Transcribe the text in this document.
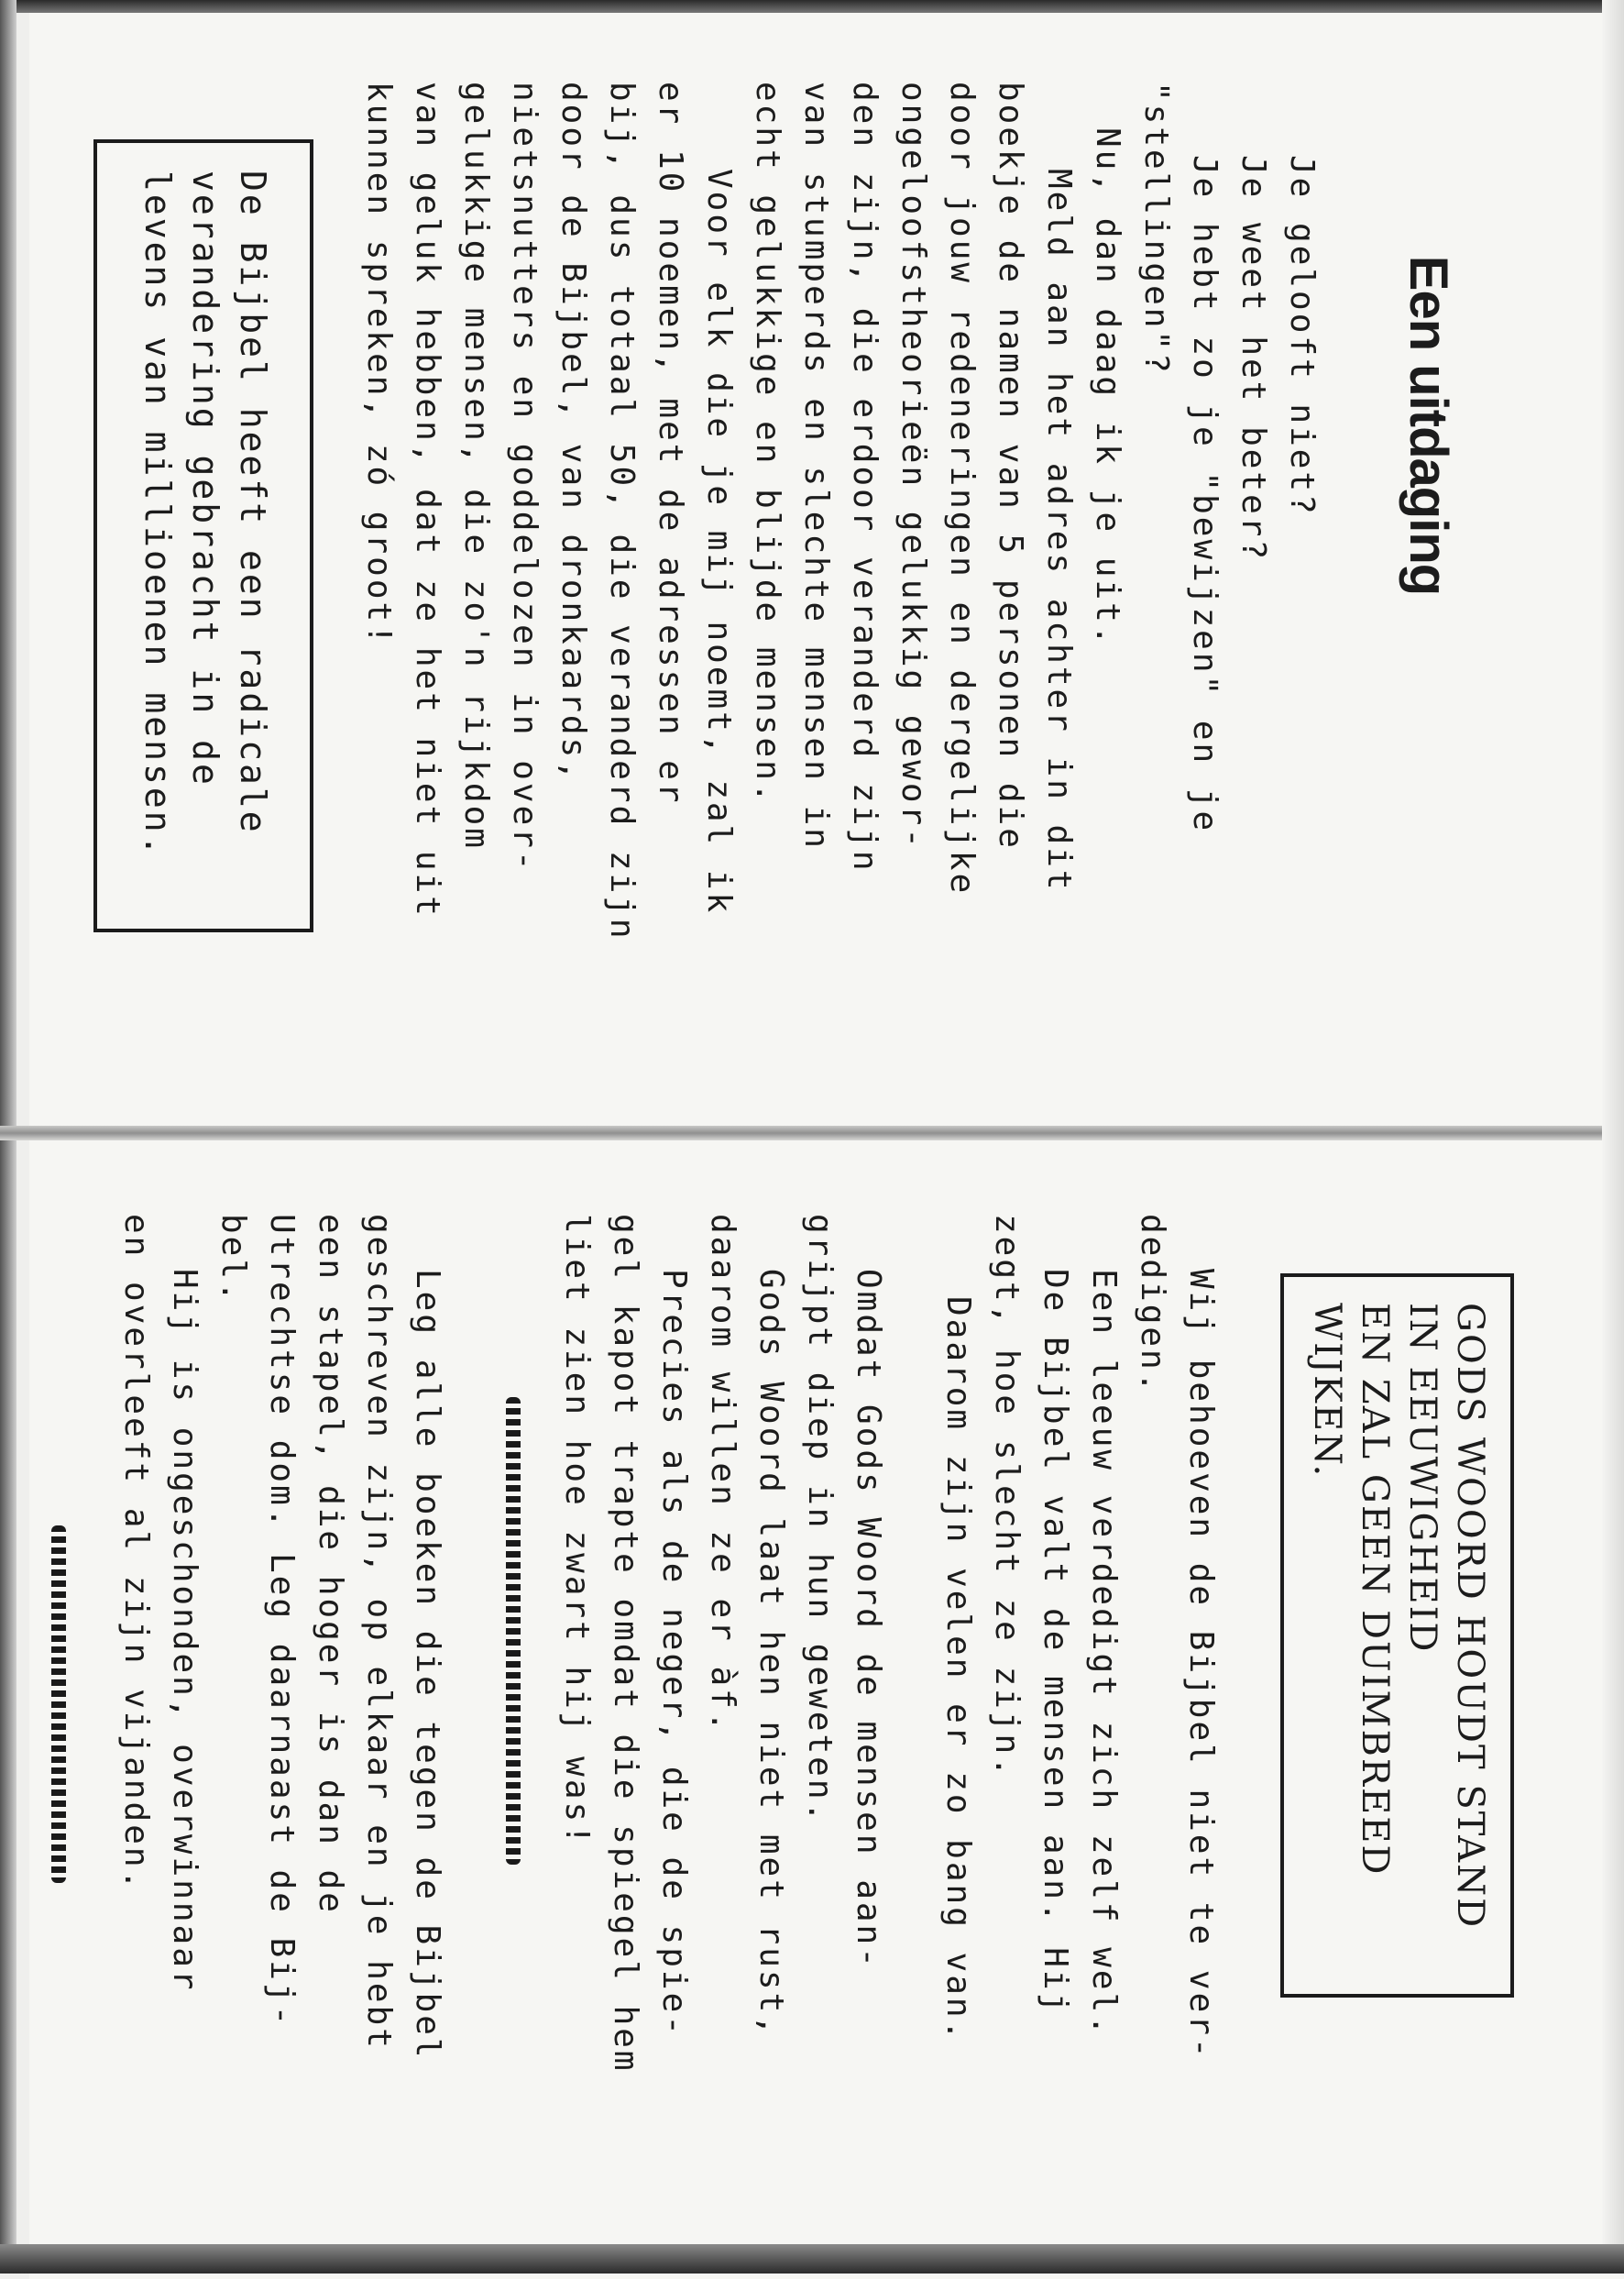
Een uitdaging
Je gelooft niet?
Je weet het beter?
Je hebt zo je "bewijzen" en je
"stellingen"?
Nu, dan daag ik je uit.
Meld aan het adres achter in dit
boekje de namen van 5 personen die
door jouw redeneringen en dergelijke
ongeloofstheorieën gelukkig gewor-
den zijn, die erdoor veranderd zijn
van stumperds en slechte mensen in
echt gelukkige en blijde mensen.
Voor elk die je mij noemt, zal ik
er 10 noemen, met de adressen er
bij, dus totaal 50, die veranderd zijn
door de Bijbel, van dronkaards,
nietsnutters en goddelozen in over-
gelukkige mensen, die zo'n rijkdom
van geluk hebben, dat ze het niet uit
kunnen spreken, zó groot!
De Bijbel heeft een radicale
verandering gebracht in de
levens van millioenen mensen.
GODS WOORD HOUDT STAND
IN EEUWIGHEID
EN ZAL GEEN DUIMBREED
WIJKEN.
Wij behoeven de Bijbel niet te ver-
dedigen.
Een leeuw verdedigt zich zelf wel.
De Bijbel valt de mensen aan. Hij
zegt, hoe slecht ze zijn.
Daarom zijn velen er zo bang van.
Omdat Gods Woord de mensen aan-
grijpt diep in hun geweten.
Gods Woord laat hen niet met rust,
daarom willen ze er àf.
Precies als de neger, die de spie-
gel kapot trapte omdat die spiegel hem
liet zien hoe zwart hij was!
Leg alle boeken die tegen de Bijbel
geschreven zijn, op elkaar en je hebt
een stapel, die hoger is dan de
Utrechtse dom. Leg daarnaast de Bij-
bel.
Hij is ongeschonden, overwinnaar
en overleeft al zijn vijanden.
